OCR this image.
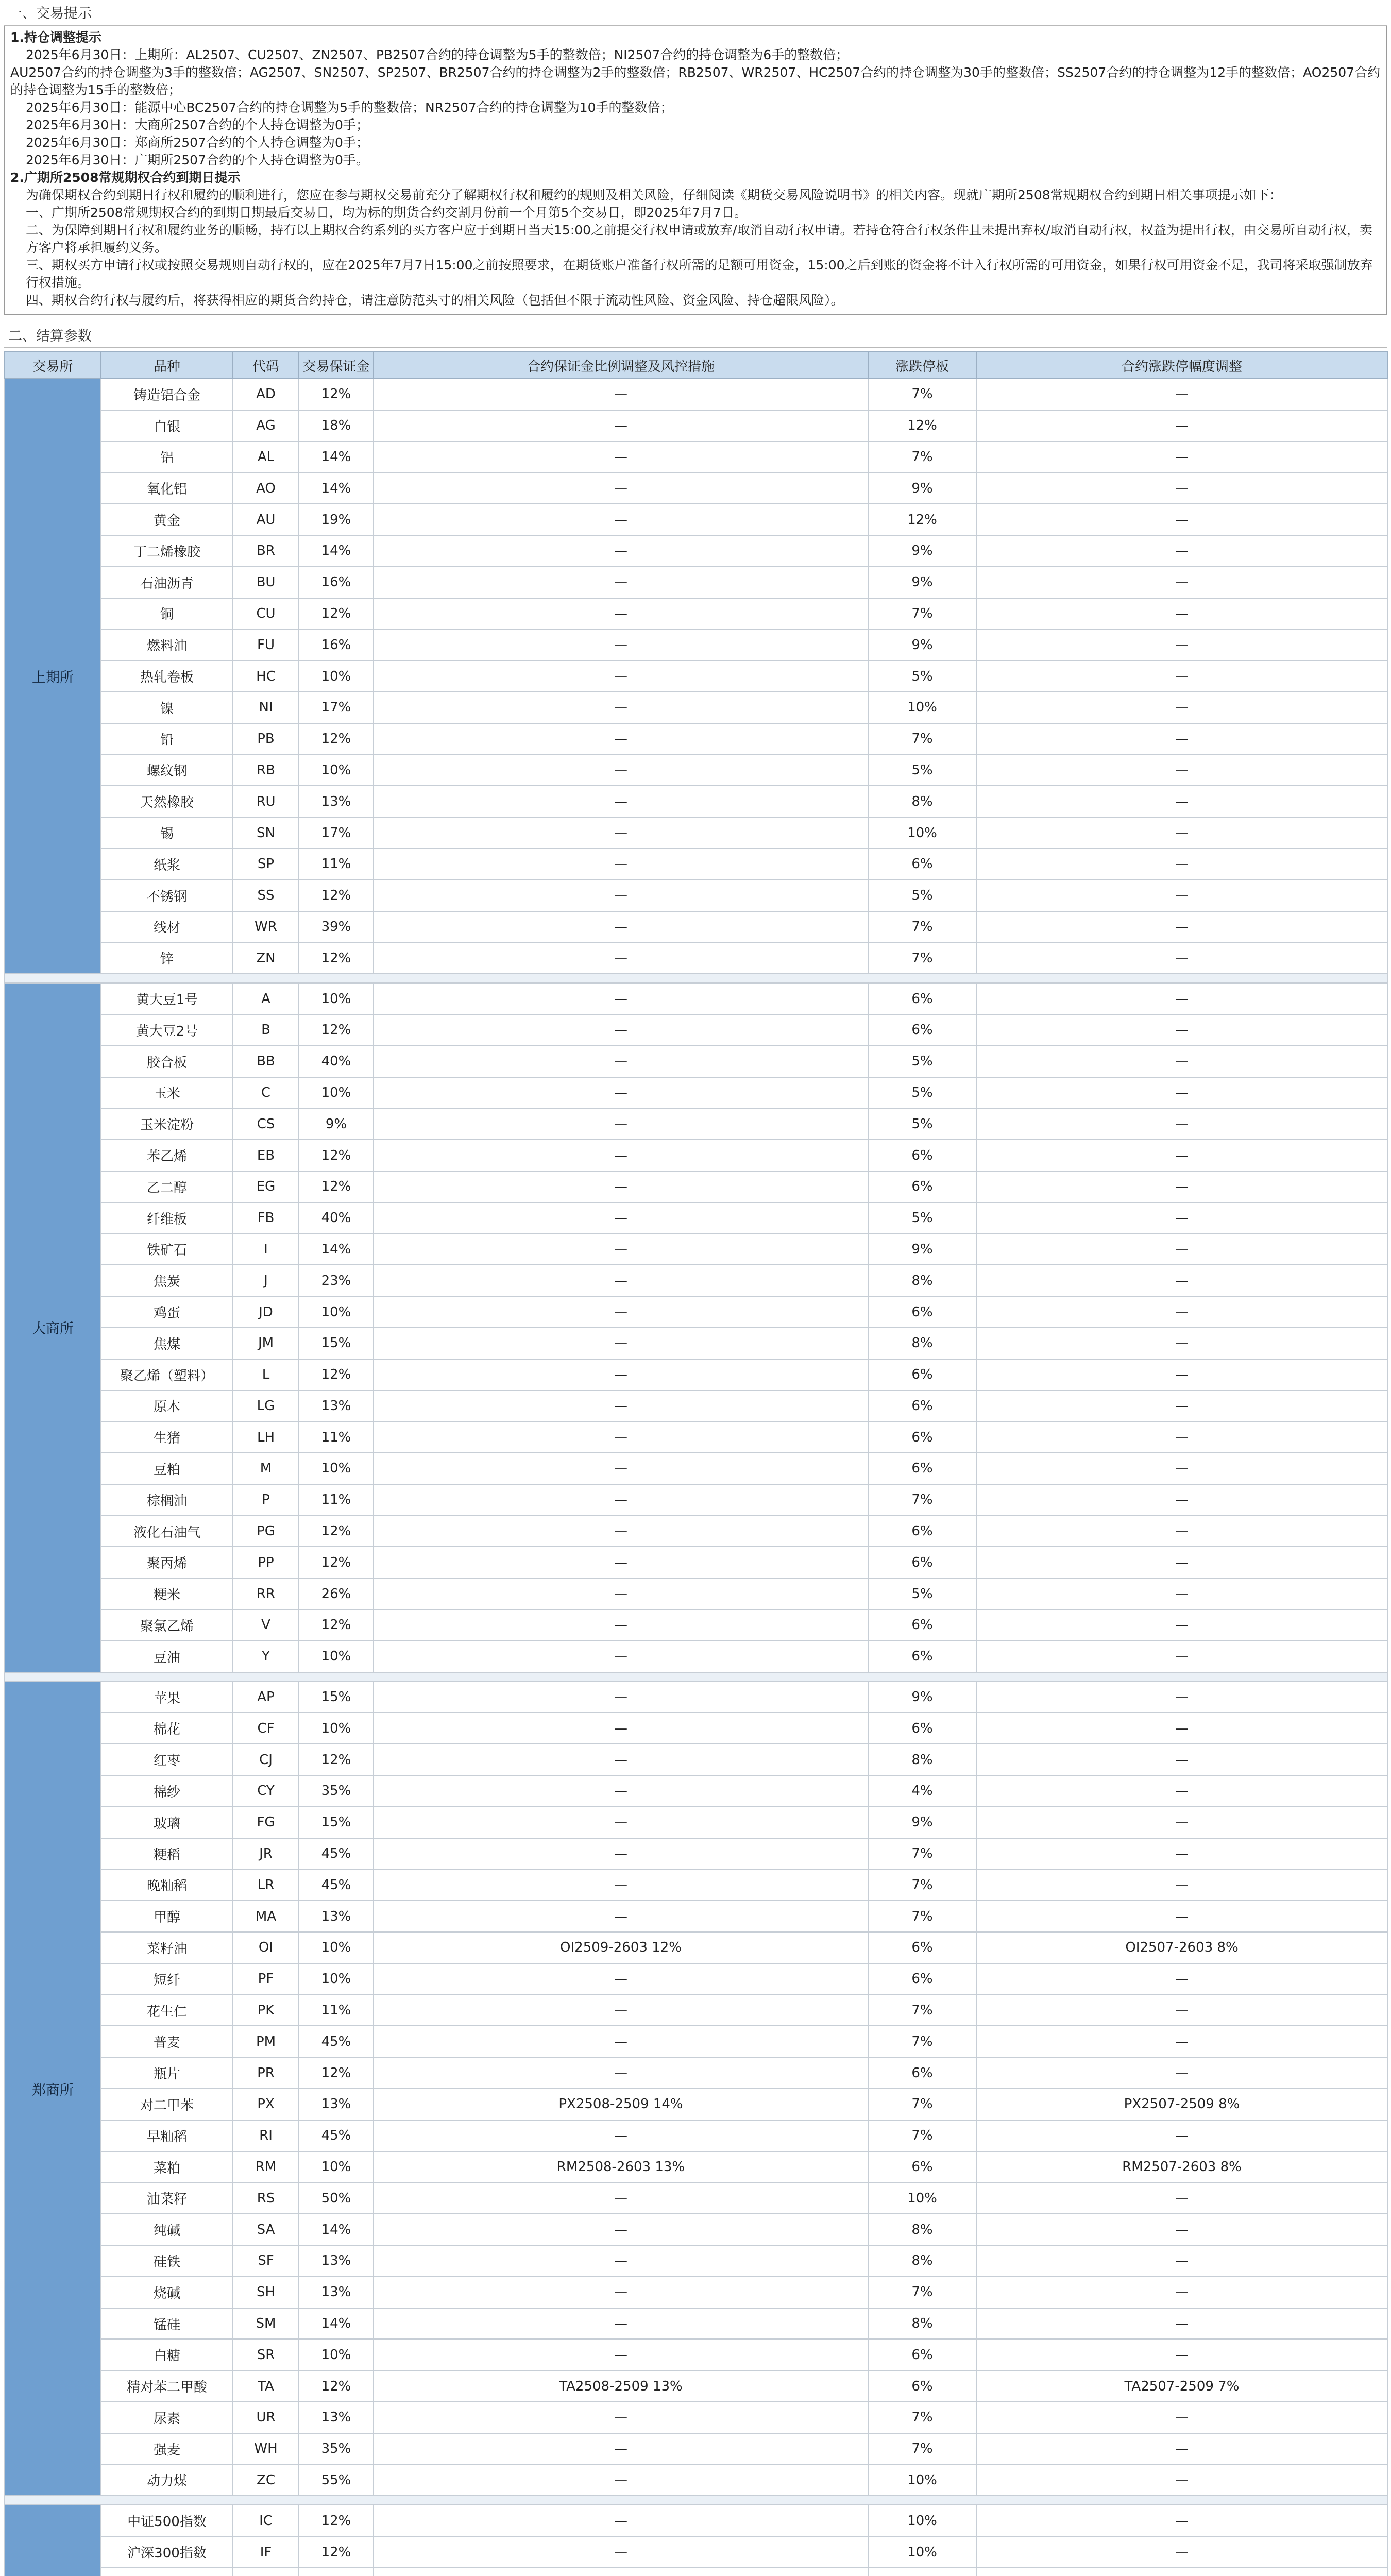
一、交易提示

1.持仓调整提示

2025年6月30日：上期所：AL2507、CU2507、ZN2507、PB2507合约的持仓调整为5手的整数倍；NI2507合约的持仓调整为6手的整数倍；

AU2507合约的持仓调整为3手的整数倍；AG2507、SN2507、SP2507、BR2507合约的持仓调整为2手的整数倍；RB2507、WR2507、HC2507合约的持仓调整为30手的整数倍；SS2507合约的持仓调整为12手的整数倍；AO2507合约的持仓调整为15手的整数倍；

2025年6月30日：能源中心BC2507合约的持仓调整为5手的整数倍；NR2507合约的持仓调整为10手的整数倍；

2025年6月30日：大商所2507合约的个人持仓调整为0手；

2025年6月30日：郑商所2507合约的个人持仓调整为0手；

2025年6月30日：广期所2507合约的个人持仓调整为0手。

2.广期所2508常规期权合约到期日提示

为确保期权合约到期日行权和履约的顺利进行，您应在参与期权交易前充分了解期权行权和履约的规则及相关风险，仔细阅读《期货交易风险说明书》的相关内容。现就广期所2508常规期权合约到期日相关事项提示如下：

一、广期所2508常规期权合约的到期日期最后交易日，均为标的期货合约交割月份前一个月第5个交易日，即2025年7月7日。

二、为保障到期日行权和履约业务的顺畅，持有以上期权合约系列的买方客户应于到期日当天15:00之前提交行权申请或放弃/取消自动行权申请。若持仓符合行权条件且未提出弃权/取消自动行权，权益为提出行权，由交易所自动行权，卖方客户将承担履约义务。

三、期权买方申请行权或按照交易规则自动行权的，应在2025年7月7日15:00之前按照要求，在期货账户准备行权所需的足额可用资金，15:00之后到账的资金将不计入行权所需的可用资金，如果行权可用资金不足，我司将采取强制放弃行权措施。

四、期权合约行权与履约后，将获得相应的期货合约持仓，请注意防范头寸的相关风险（包括但不限于流动性风险、资金风险、持仓超限风险）。

二、结算参数
交易所	品种	代码	交易保证金	合约保证金比例调整及风控措施	涨跌停板	合约涨跌停幅度调整
上期所	铸造铝合金	AD	12%	—	7%	—
	白银	AG	18%	—	12%	—
	铝	AL	14%	—	7%	—
	氧化铝	AO	14%	—	9%	—
	黄金	AU	19%	—	12%	—
	丁二烯橡胶	BR	14%	—	9%	—
	石油沥青	BU	16%	—	9%	—
	铜	CU	12%	—	7%	—
	燃料油	FU	16%	—	9%	—
	热轧卷板	HC	10%	—	5%	—
	镍	NI	17%	—	10%	—
	铅	PB	12%	—	7%	—
	螺纹钢	RB	10%	—	5%	—
	天然橡胶	RU	13%	—	8%	—
	锡	SN	17%	—	10%	—
	纸浆	SP	11%	—	6%	—
	不锈钢	SS	12%	—	5%	—
	线材	WR	39%	—	7%	—
	锌	ZN	12%	—	7%	—

大商所	黄大豆1号	A	10%	—	6%	—
	黄大豆2号	B	12%	—	6%	—
	胶合板	BB	40%	—	5%	—
	玉米	C	10%	—	5%	—
	玉米淀粉	CS	9%	—	5%	—
	苯乙烯	EB	12%	—	6%	—
	乙二醇	EG	12%	—	6%	—
	纤维板	FB	40%	—	5%	—
	铁矿石	I	14%	—	9%	—
	焦炭	J	23%	—	8%	—
	鸡蛋	JD	10%	—	6%	—
	焦煤	JM	15%	—	8%	—
	聚乙烯（塑料）	L	12%	—	6%	—
	原木	LG	13%	—	6%	—
	生猪	LH	11%	—	6%	—
	豆粕	M	10%	—	6%	—
	棕榈油	P	11%	—	7%	—
	液化石油气	PG	12%	—	6%	—
	聚丙烯	PP	12%	—	6%	—
	粳米	RR	26%	—	5%	—
	聚氯乙烯	V	12%	—	6%	—
	豆油	Y	10%	—	6%	—

郑商所	苹果	AP	15%	—	9%	—
	棉花	CF	10%	—	6%	—
	红枣	CJ	12%	—	8%	—
	棉纱	CY	35%	—	4%	—
	玻璃	FG	15%	—	9%	—
	粳稻	JR	45%	—	7%	—
	晚籼稻	LR	45%	—	7%	—
	甲醇	MA	13%	—	7%	—
	菜籽油	OI	10%	OI2509-2603 12%	6%	OI2507-2603 8%
	短纤	PF	10%	—	6%	—
	花生仁	PK	11%	—	7%	—
	普麦	PM	45%	—	7%	—
	瓶片	PR	12%	—	6%	—
	对二甲苯	PX	13%	PX2508-2509 14%	7%	PX2507-2509 8%
	早籼稻	RI	45%	—	7%	—
	菜粕	RM	10%	RM2508-2603 13%	6%	RM2507-2603 8%
	油菜籽	RS	50%	—	10%	—
	纯碱	SA	14%	—	8%	—
	硅铁	SF	13%	—	8%	—
	烧碱	SH	13%	—	7%	—
	锰硅	SM	14%	—	8%	—
	白糖	SR	10%	—	6%	—
	精对苯二甲酸	TA	12%	TA2508-2509 13%	6%	TA2507-2509 7%
	尿素	UR	13%	—	7%	—
	强麦	WH	35%	—	7%	—
	动力煤	ZC	55%	—	10%	—

	中证500指数	IC	12%	—	10%	—
	沪深300指数	IF	12%	—	10%	—
